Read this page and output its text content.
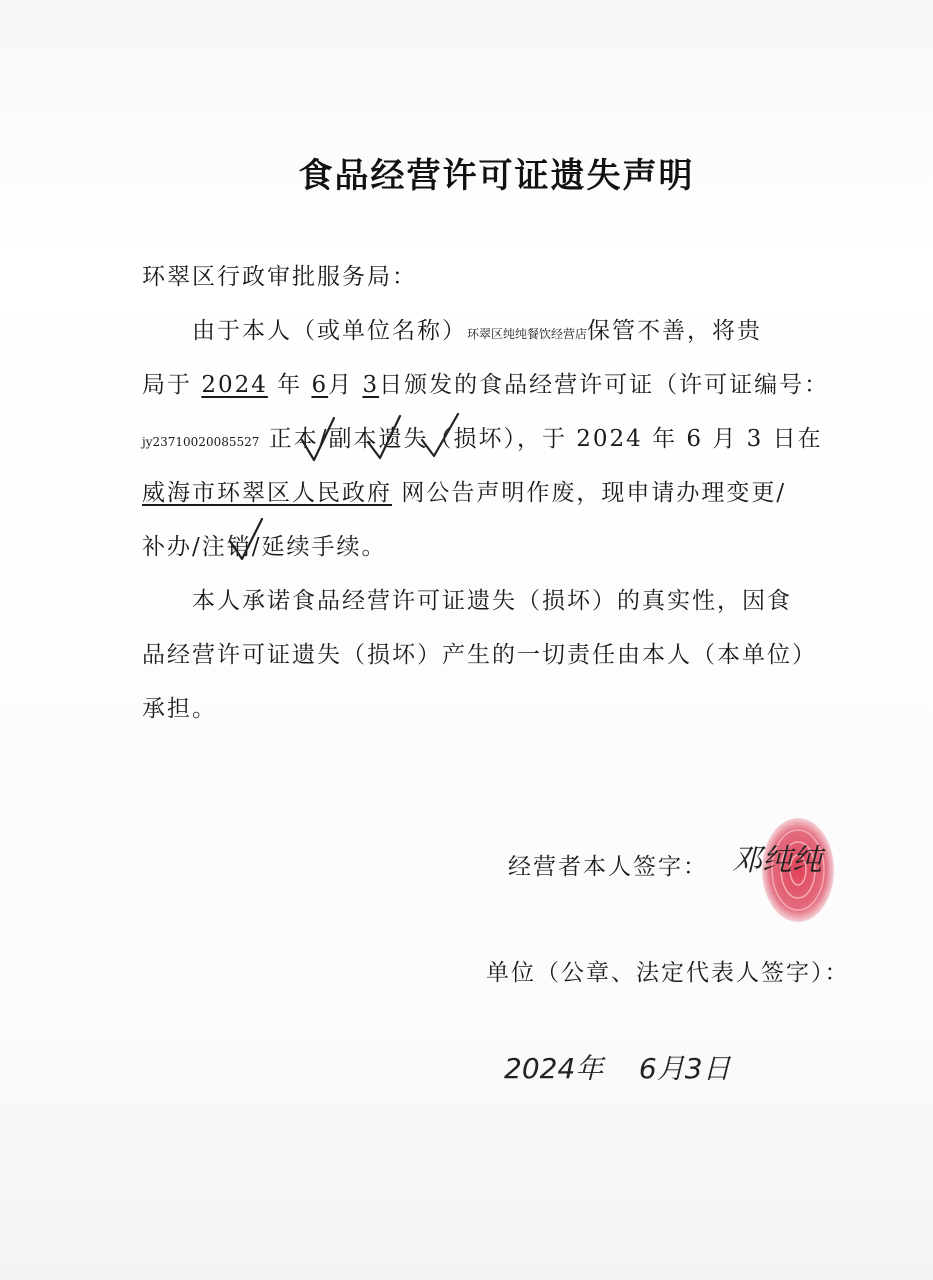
食品经营许可证遗失声明
环翠区行政审批服务局：
由于本人（或单位名称）环翠区纯纯餐饮经营店保管不善，将贵
局于 2024 年 6月 3日颁发的食品经营许可证（许可证编号：
jy23710020085527 正本/副本遗失（损坏），于 2024 年 6 月 3 日在
威海市环翠区人民政府 网公告声明作废，现申请办理变更/
补办/注销/延续手续。
本人承诺食品经营许可证遗失（损坏）的真实性，因食
品经营许可证遗失（损坏）产生的一切责任由本人（本单位）
承担。
经营者本人签字： 邓纯纯
单位（公章、法定代表人签字）：
2024年 6月3日
